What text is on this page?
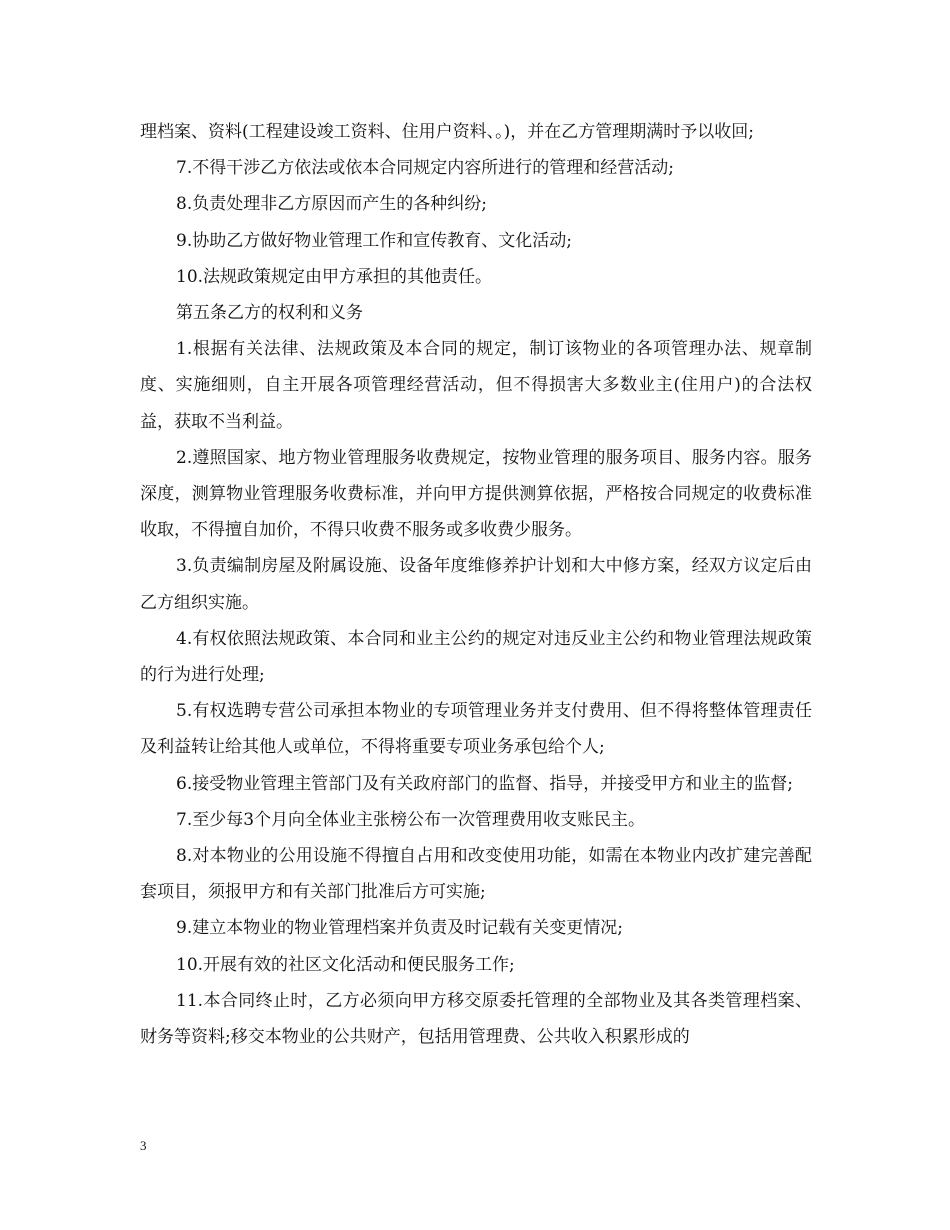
理档案、资料(工程建设竣工资料、住用户资料、。)，并在乙方管理期满时予以收回;

7.不得干涉乙方依法或依本合同规定内容所进行的管理和经营活动;

8.负责处理非乙方原因而产生的各种纠纷;

9.协助乙方做好物业管理工作和宣传教育、文化活动;

10.法规政策规定由甲方承担的其他责任。

第五条乙方的权利和义务

1.根据有关法律、法规政策及本合同的规定，制订该物业的各项管理办法、规章制度、实施细则，自主开展各项管理经营活动，但不得损害大多数业主(住用户)的合法权益，获取不当利益。

2.遵照国家、地方物业管理服务收费规定，按物业管理的服务项目、服务内容。服务深度，测算物业管理服务收费标准，并向甲方提供测算依据，严格按合同规定的收费标准收取，不得擅自加价，不得只收费不服务或多收费少服务。

3.负责编制房屋及附属设施、设备年度维修养护计划和大中修方案，经双方议定后由乙方组织实施。

4.有权依照法规政策、本合同和业主公约的规定对违反业主公约和物业管理法规政策的行为进行处理;

5.有权选聘专营公司承担本物业的专项管理业务并支付费用、但不得将整体管理责任及利益转让给其他人或单位，不得将重要专项业务承包给个人;

6.接受物业管理主管部门及有关政府部门的监督、指导，并接受甲方和业主的监督;

7.至少每3个月向全体业主张榜公布一次管理费用收支账民主。

8.对本物业的公用设施不得擅自占用和改变使用功能，如需在本物业内改扩建完善配套项目，须报甲方和有关部门批准后方可实施;

9.建立本物业的物业管理档案并负责及时记载有关变更情况;

10.开展有效的社区文化活动和便民服务工作;

11.本合同终止时，乙方必须向甲方移交原委托管理的全部物业及其各类管理档案、财务等资料;移交本物业的公共财产，包括用管理费、公共收入积累形成的

3
